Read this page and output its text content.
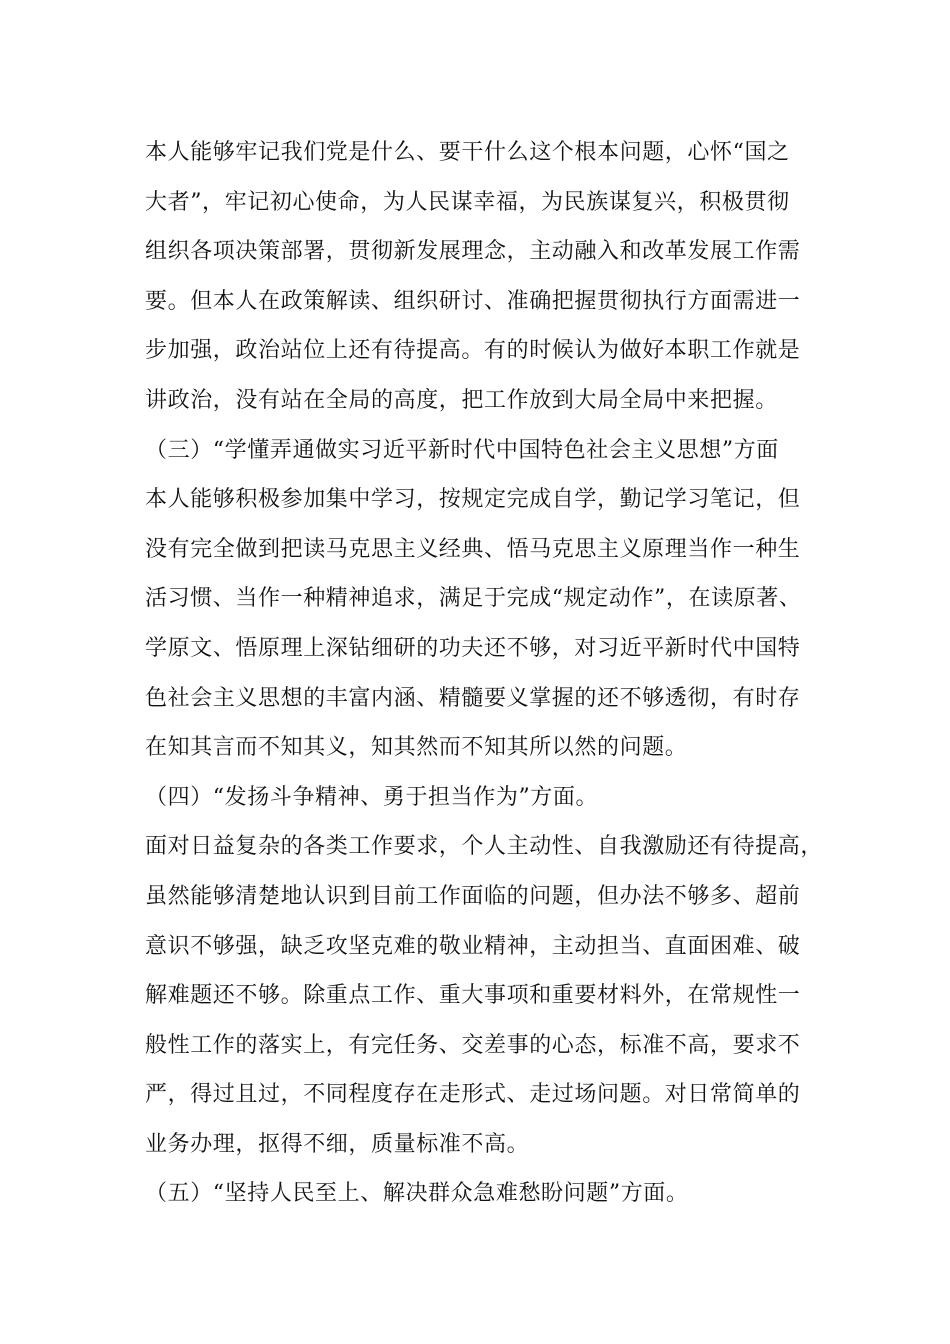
本人能够牢记我们党是什么、要干什么这个根本问题，心怀“国之
大者”，牢记初心使命，为人民谋幸福，为民族谋复兴，积极贯彻
组织各项决策部署，贯彻新发展理念，主动融入和改革发展工作需
要。但本人在政策解读、组织研讨、准确把握贯彻执行方面需进一
步加强，政治站位上还有待提高。有的时候认为做好本职工作就是
讲政治，没有站在全局的高度，把工作放到大局全局中来把握。
（三）“学懂弄通做实习近平新时代中国特色社会主义思想”方面
本人能够积极参加集中学习，按规定完成自学，勤记学习笔记，但
没有完全做到把读马克思主义经典、悟马克思主义原理当作一种生
活习惯、当作一种精神追求，满足于完成“规定动作”，在读原著、
学原文、悟原理上深钻细研的功夫还不够，对习近平新时代中国特
色社会主义思想的丰富内涵、精髓要义掌握的还不够透彻，有时存
在知其言而不知其义，知其然而不知其所以然的问题。
（四）“发扬斗争精神、勇于担当作为”方面。
面对日益复杂的各类工作要求，个人主动性、自我激励还有待提高，
虽然能够清楚地认识到目前工作面临的问题，但办法不够多、超前
意识不够强，缺乏攻坚克难的敬业精神，主动担当、直面困难、破
解难题还不够。除重点工作、重大事项和重要材料外，在常规性一
般性工作的落实上，有完任务、交差事的心态，标准不高，要求不
严，得过且过，不同程度存在走形式、走过场问题。对日常简单的
业务办理，抠得不细，质量标准不高。
（五）“坚持人民至上、解决群众急难愁盼问题”方面。
